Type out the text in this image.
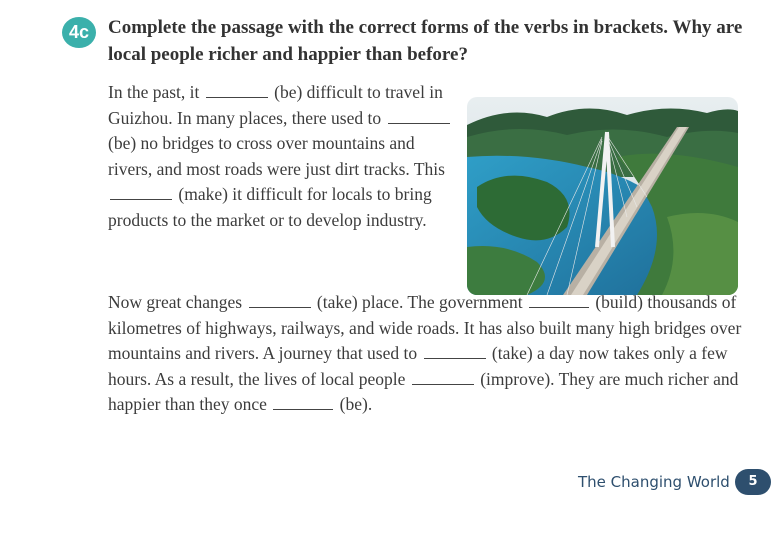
4c Complete the passage with the correct forms of the verbs in brackets. Why are local people richer and happier than before?

In the past, it	(be) difficult to travel in Guizhou. In many places, there used to  (be) no bridges to cross over mountains and rivers, and most roads were just dirt tracks. This  (make) it difficult for locals to bring products to the market or to develop industry.

Now great changes	(take) place. The government	(build) thousands of kilometres of highways, railways, and wide roads. It has also built many high bridges over mountains and rivers. A journey that used to	(take) a day now takes only a few hours. As a result, the lives of local people	(improve). They are much richer and happier than they once	(be).

The Changing World	5
